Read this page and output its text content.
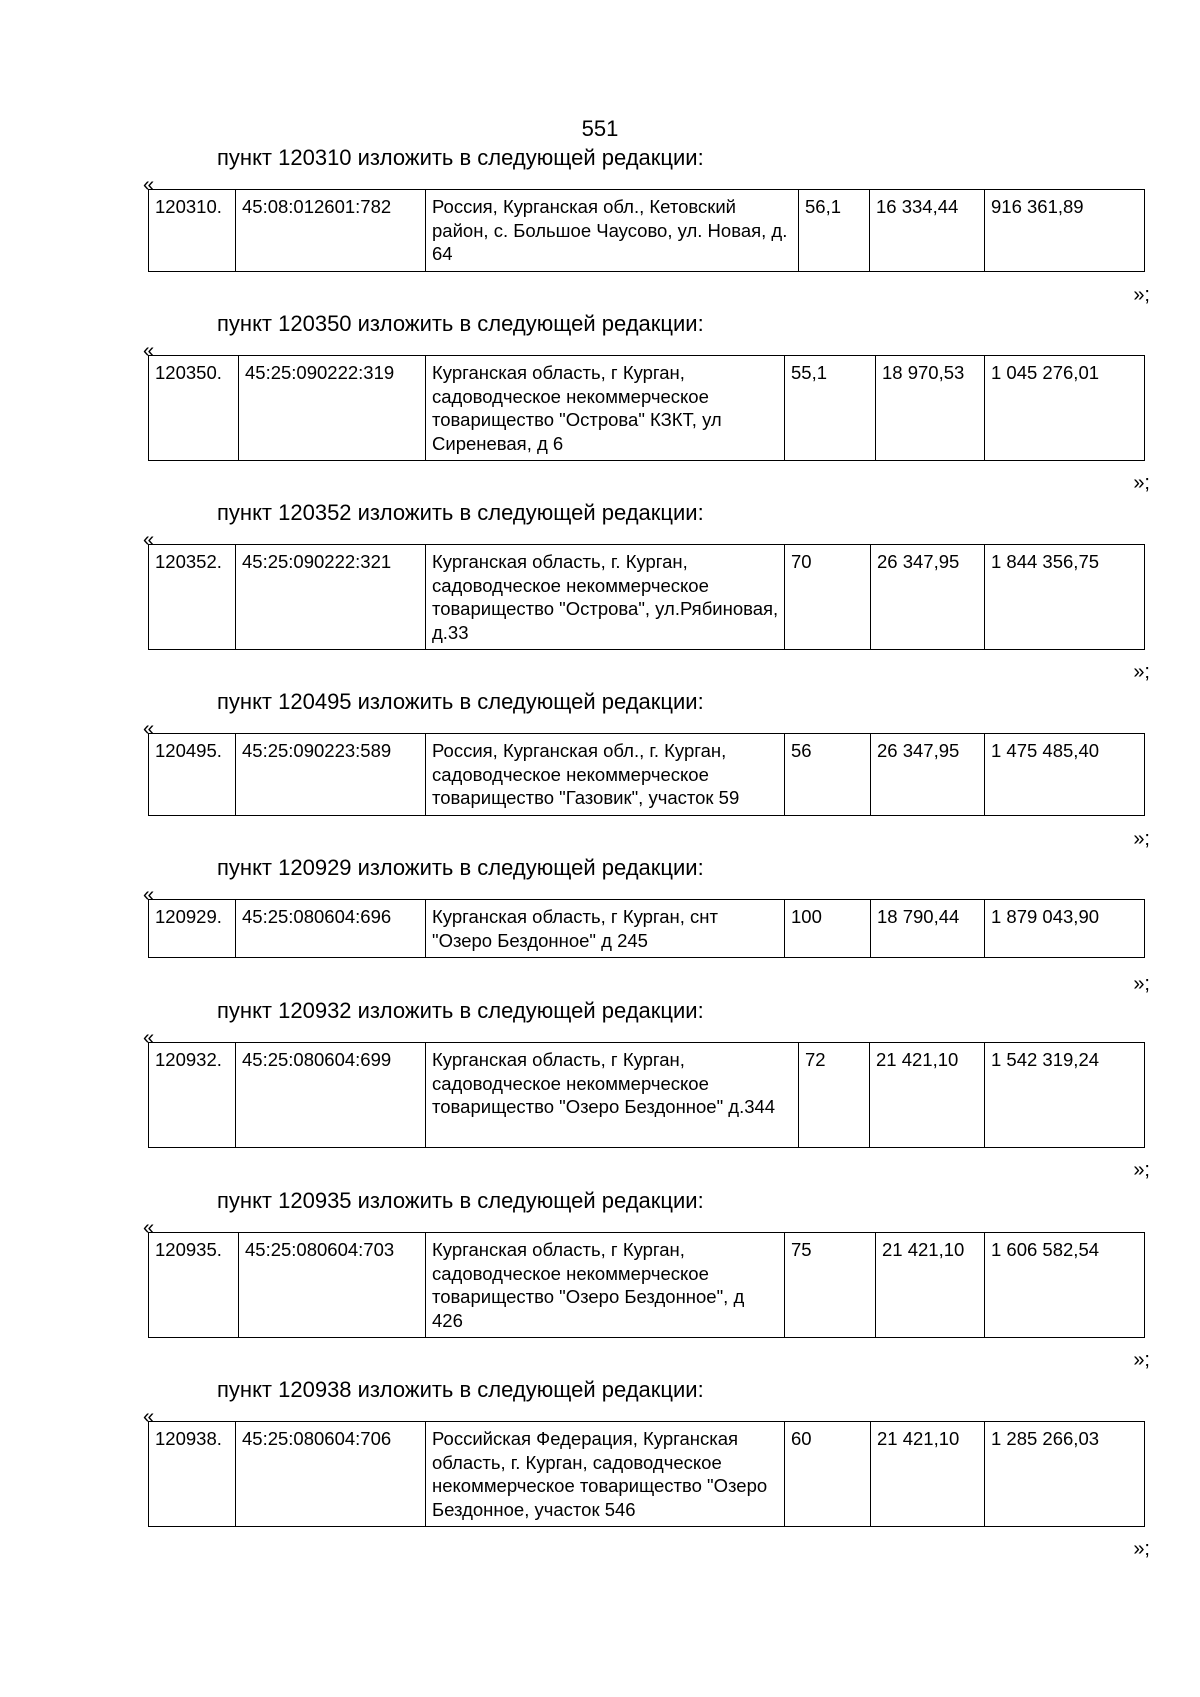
551
пункт 120310 изложить в следующей редакции:
«
120310.	45:08:012601:782	Россия, Курганская обл., Кетовский район, с. Большое Чаусово, ул. Новая, д. 64	56,1	16 334,44	916 361,89
»;
пункт 120350 изложить в следующей редакции:
«
120350.	45:25:090222:319	Курганская область, г Курган, садоводческое некоммерческое товарищество "Острова" КЗКТ, ул Сиреневая, д 6	55,1	18 970,53	1 045 276,01
»;
пункт 120352 изложить в следующей редакции:
«
120352.	45:25:090222:321	Курганская область, г. Курган, садоводческое некоммерческое товарищество "Острова", ул.Рябиновая, д.33	70	26 347,95	1 844 356,75
»;
пункт 120495 изложить в следующей редакции:
«
120495.	45:25:090223:589	Россия, Курганская обл., г. Курган, садоводческое некоммерческое товарищество "Газовик", участок 59	56	26 347,95	1 475 485,40
»;
пункт 120929 изложить в следующей редакции:
«
120929.	45:25:080604:696	Курганская область, г Курган, снт "Озеро Бездонное" д 245	100	18 790,44	1 879 043,90
»;
пункт 120932 изложить в следующей редакции:
«
120932.	45:25:080604:699	Курганская область, г Курган, садоводческое некоммерческое товарищество "Озеро Бездонное" д.344	72	21 421,10	1 542 319,24
»;
пункт 120935 изложить в следующей редакции:
«
120935.	45:25:080604:703	Курганская область, г Курган, садоводческое некоммерческое товарищество "Озеро Бездонное", д 426	75	21 421,10	1 606 582,54
»;
пункт 120938 изложить в следующей редакции:
«
120938.	45:25:080604:706	Российская Федерация, Курганская область, г. Курган, садоводческое некоммерческое товарищество "Озеро Бездонное, участок 546	60	21 421,10	1 285 266,03
»;
